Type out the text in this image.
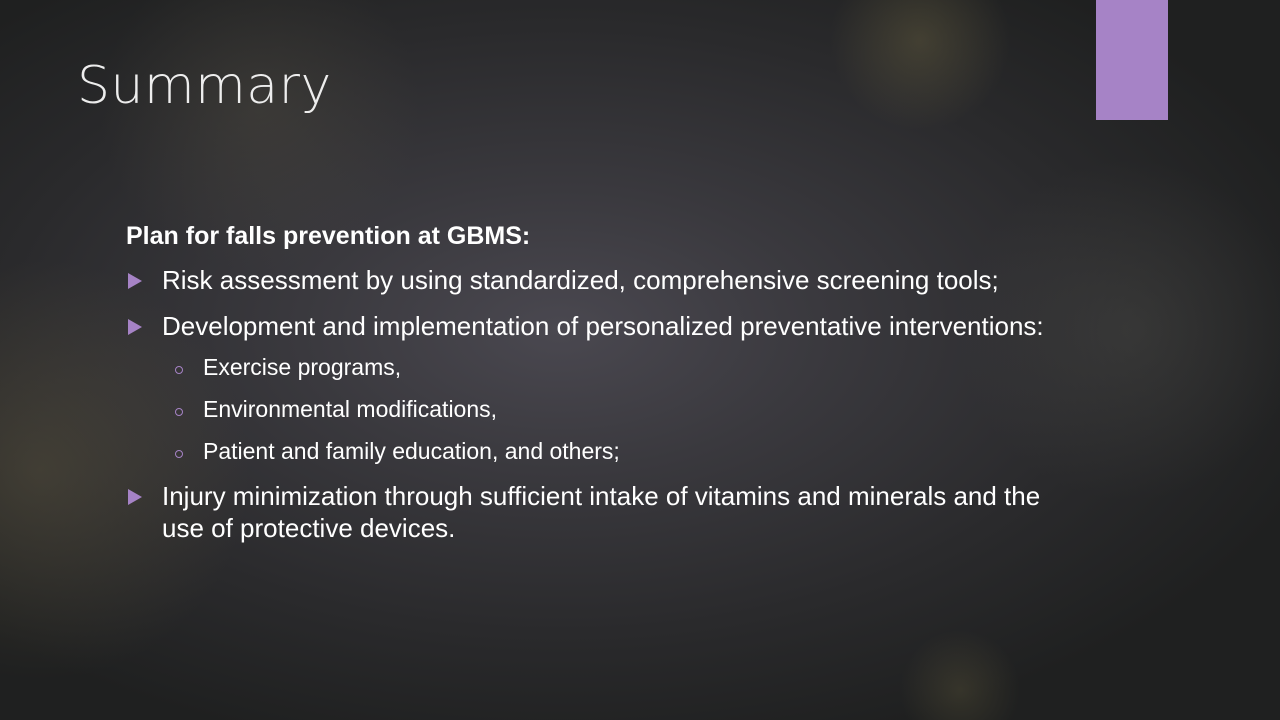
Summary
Plan for falls prevention at GBMS:
Risk assessment by using standardized, comprehensive screening tools;
Development and implementation of personalized preventative interventions:
Exercise programs,
Environmental modifications,
Patient and family education, and others;
Injury minimization through sufficient intake of vitamins and minerals and the use of protective devices.
